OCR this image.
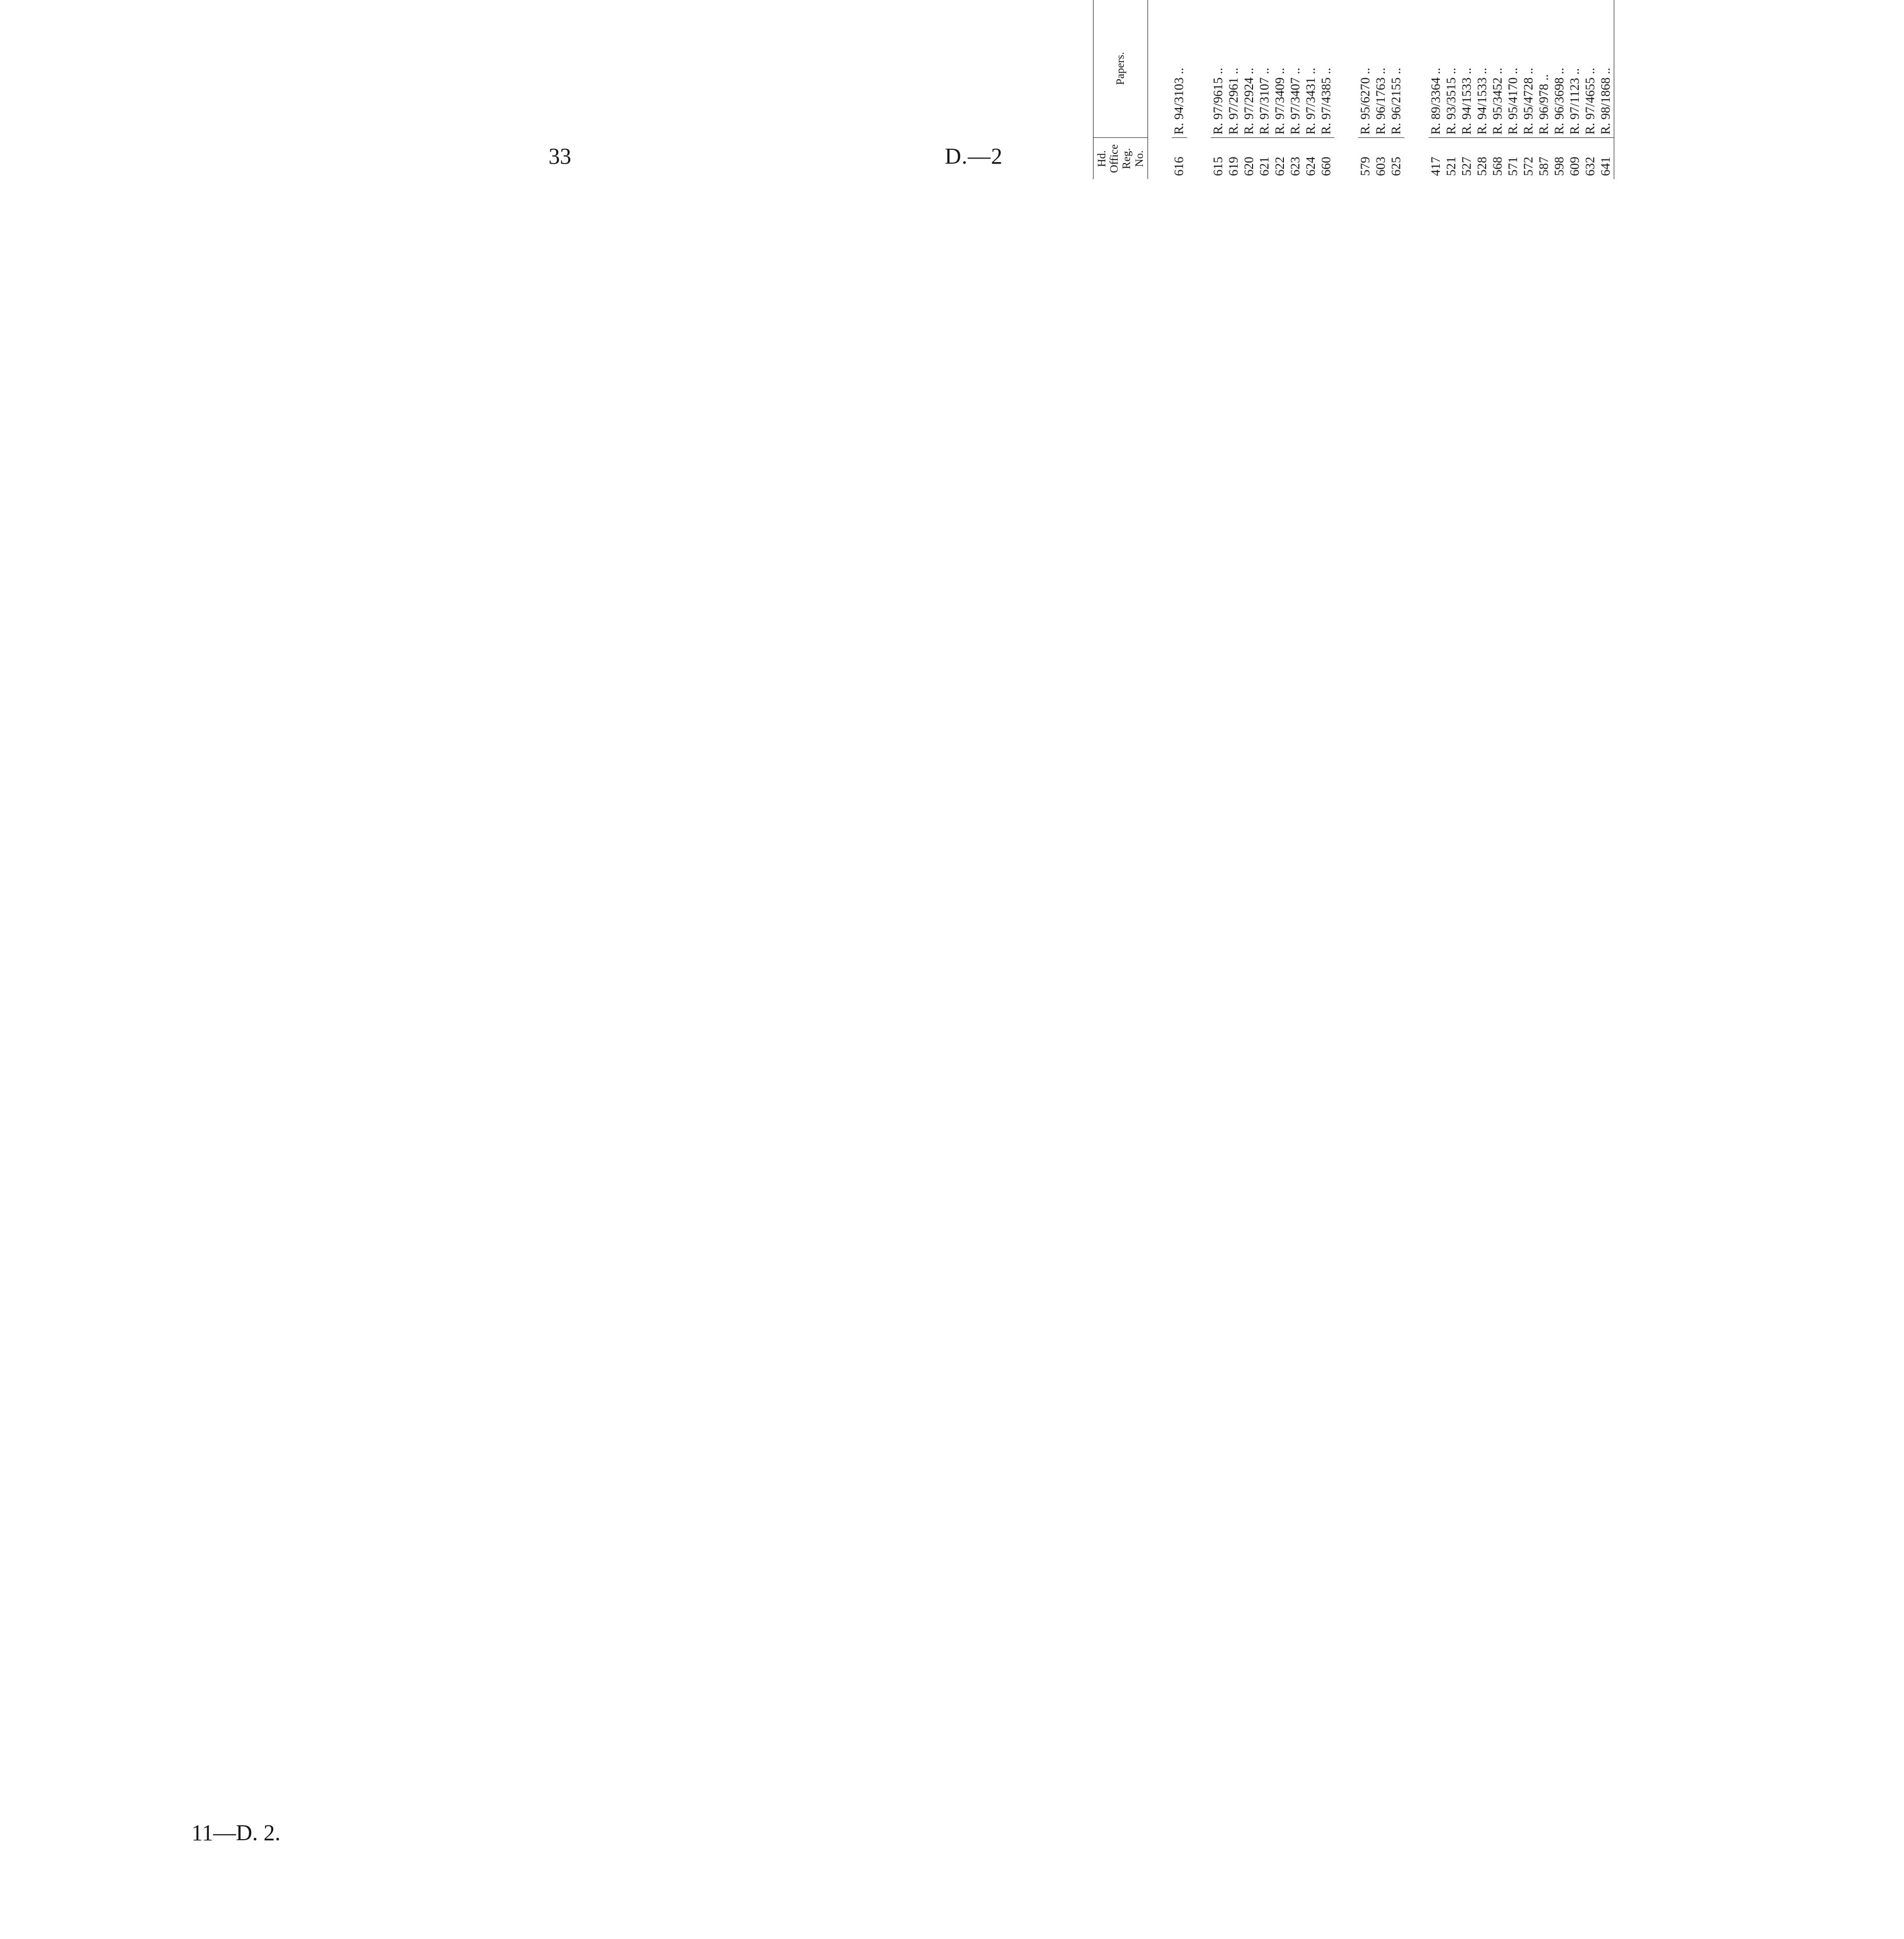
33	D.—2	Hd. Office Reg. No.	Papers.									

616	R. 94/3103 ..											

615	R. 97/9615 ..											
619	R. 97/2961 ..											
620	R. 97/2924 ..											
621	R. 97/3107 ..											
622	R. 97/3409 ..											
623	R. 97/3407 ..											
624	R. 97/3431 ..											
660	R. 97/4385 ..											

579	R. 95/6270 ..											
603	R. 96/1763 ..											
625	R. 96/2155 ..											

417	R. 89/3364 ..											
521	R. 93/3515 ..											
527	R. 94/1533 ..											
528	R. 94/1533 ..											
568	R. 95/3452 ..											
571	R. 95/4170 ..											
572	R. 95/4728 ..											
587	R. 96/978 ..											
598	R. 96/3698 ..											
609	R. 97/1123 ..											
632	R. 97/4655 ..											
641	R. 98/1868 ..											
11—D. 2.
